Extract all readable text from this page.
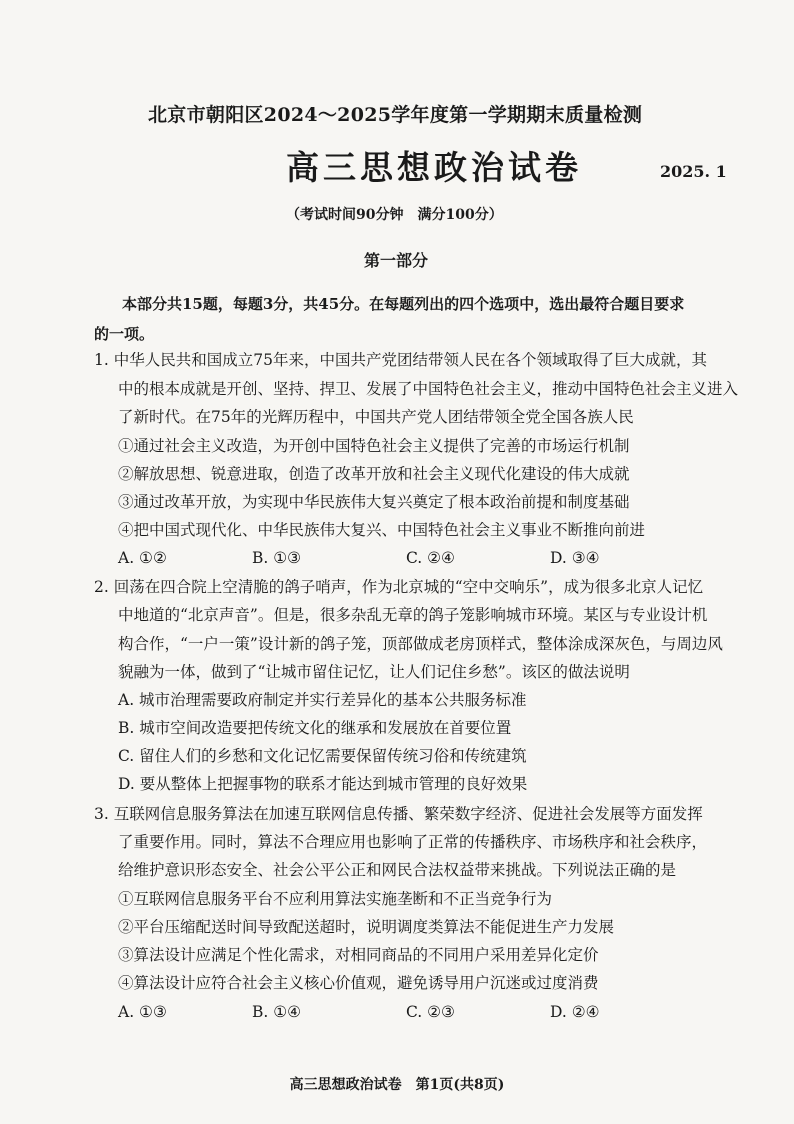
北京市朝阳区2024～2025学年度第一学期期末质量检测
高三思想政治试卷	2025. 1
（考试时间90分钟　满分100分）
第一部分
本部分共15题，每题3分，共45分。在每题列出的四个选项中，选出最符合题目要求
的一项。
1. 中华人民共和国成立75年来，中国共产党团结带领人民在各个领域取得了巨大成就，其
中的根本成就是开创、坚持、捍卫、发展了中国特色社会主义，推动中国特色社会主义进入
了新时代。在75年的光辉历程中，中国共产党人团结带领全党全国各族人民
①通过社会主义改造，为开创中国特色社会主义提供了完善的市场运行机制
②解放思想、锐意进取，创造了改革开放和社会主义现代化建设的伟大成就
③通过改革开放，为实现中华民族伟大复兴奠定了根本政治前提和制度基础
④把中国式现代化、中华民族伟大复兴、中国特色社会主义事业不断推向前进
A. ①②	B. ①③	C. ②④	D. ③④
2. 回荡在四合院上空清脆的鸽子哨声，作为北京城的“空中交响乐”，成为很多北京人记忆
中地道的“北京声音”。但是，很多杂乱无章的鸽子笼影响城市环境。某区与专业设计机
构合作，“一户一策”设计新的鸽子笼，顶部做成老房顶样式，整体涂成深灰色，与周边风
貌融为一体，做到了“让城市留住记忆，让人们记住乡愁”。该区的做法说明
A. 城市治理需要政府制定并实行差异化的基本公共服务标准
B. 城市空间改造要把传统文化的继承和发展放在首要位置
C. 留住人们的乡愁和文化记忆需要保留传统习俗和传统建筑
D. 要从整体上把握事物的联系才能达到城市管理的良好效果
3. 互联网信息服务算法在加速互联网信息传播、繁荣数字经济、促进社会发展等方面发挥
了重要作用。同时，算法不合理应用也影响了正常的传播秩序、市场秩序和社会秩序，
给维护意识形态安全、社会公平公正和网民合法权益带来挑战。下列说法正确的是
①互联网信息服务平台不应利用算法实施垄断和不正当竞争行为
②平台压缩配送时间导致配送超时，说明调度类算法不能促进生产力发展
③算法设计应满足个性化需求，对相同商品的不同用户采用差异化定价
④算法设计应符合社会主义核心价值观，避免诱导用户沉迷或过度消费
A. ①③	B. ①④	C. ②③	D. ②④
高三思想政治试卷　第1页(共8页)
